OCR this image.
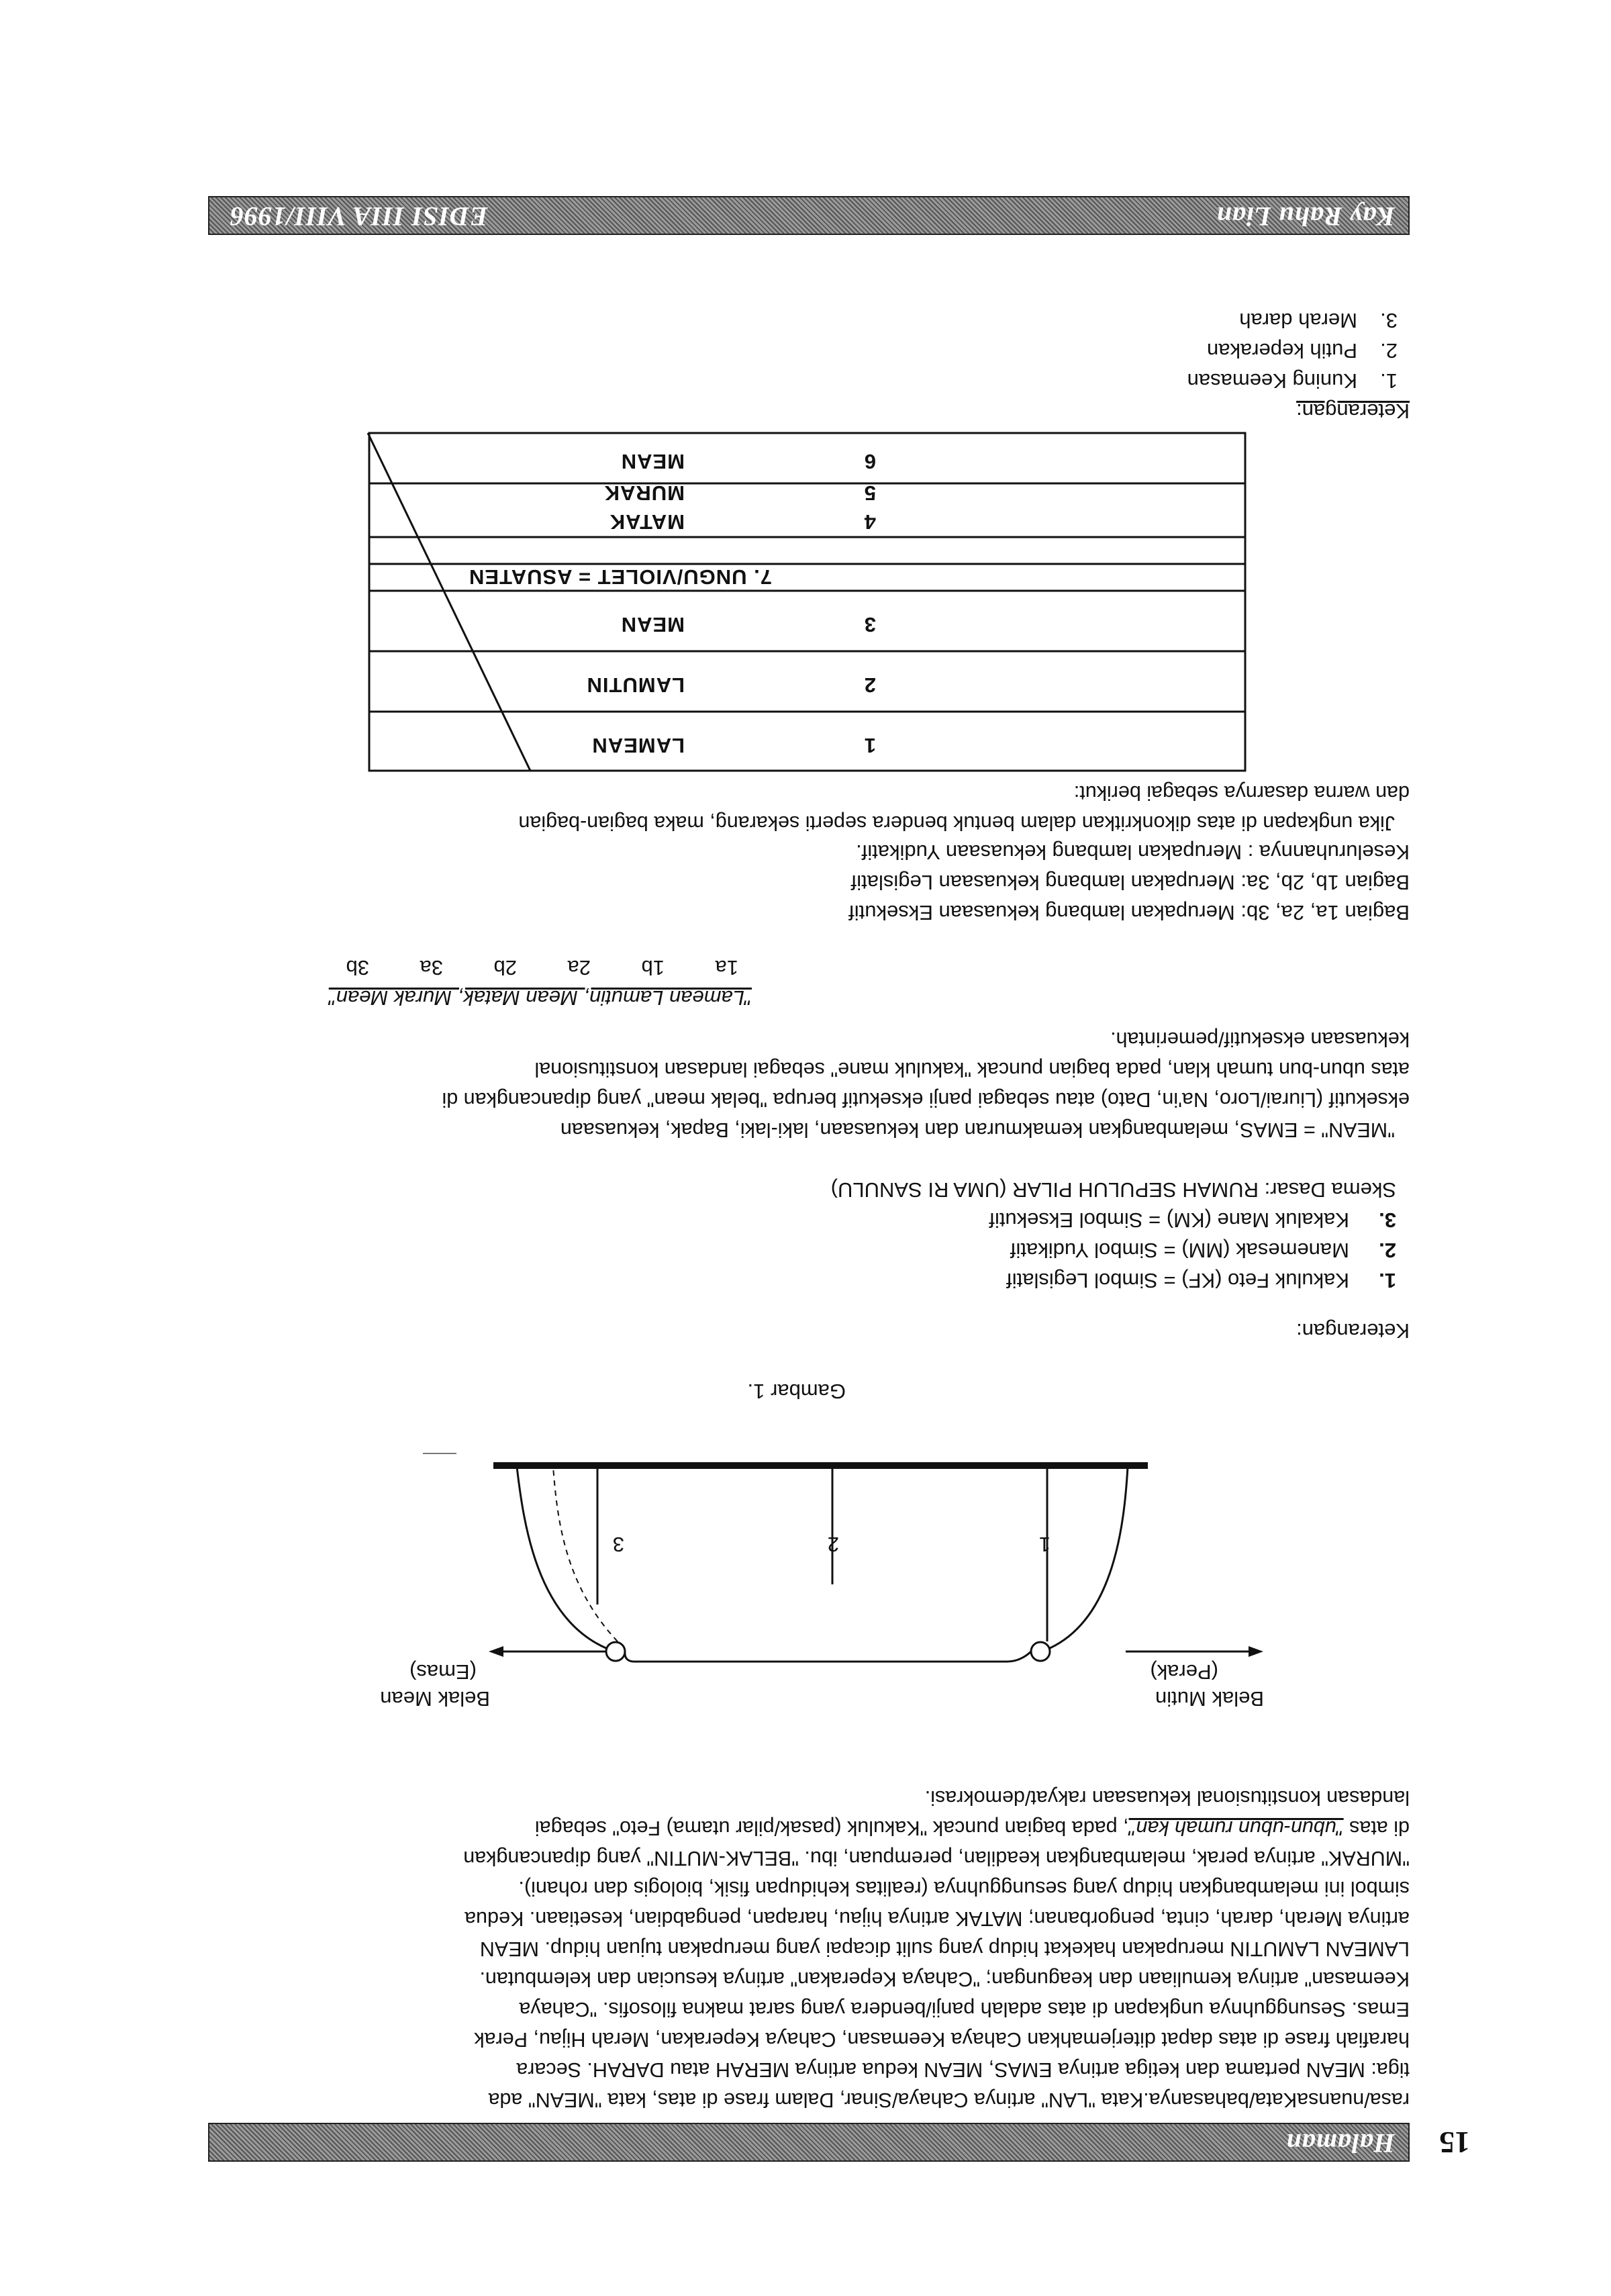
15
Halaman

rasa/nuansaKata/bahasanya.Kata "LAN" artinya Cahaya/Sinar, Dalam frase di atas, kata "MEAN" ada

tiga: MEAN pertama dan ketiga artinya EMAS, MEAN kedua artinya MERAH atau DARAH. Secara

harafiah frase di atas dapat diterjemahkan Cahaya Keemasan, Cahaya Keperakan, Merah Hijau, Perak

Emas. Sesungguhnya ungkapan di atas adalah panji/bendera yang sarat makna filosofis. "Cahaya

Keemasan" artinya kemuliaan dan keagungan; "Cahaya Keperakan" artinya kesucian dan kelembutan.

LAMEAN LAMUTIN merupakan hakekat hidup yang sulit dicapai yang merupakan tujuan hidup. MEAN

artinya Merah, darah, cinta, pengorbanan; MATAK artinya hijau, harapan, pengabdian, kesetiaan. Kedua

simbol ini melambangkan hidup yang sesungguhnya (realitas kehidupan fisik, biologis dan rohani).

"MURAK" artinya perak, melambangkan keadilan, perempuan, ibu. "BELAK-MUTIN" yang dipancangkan

di atas "ubun-ubun rumah kan", pada bagian puncak "Kakuluk (pasak/pilar utama) Feto" sebagai

landasan konstitusional kekuasaan rakyat/demokrasi.

Belak Mutin
(Perak)
Belak Mean
(Emas)
1
2
3
Gambar 1.
Keterangan:
1.
Kakuluk Feto (KF) = Simbol Legislatif
2.
Manemesak (MM) = Simbol Yudikatif
3.
Kakaluk Mane (KM) = Simbol Eksekutif
Skema Dasar: RUMAH SEPULUH PILAR (UMA RI SANULU)

"MEAN" = EMAS, melambangkan kemakmuran dan kekuasaan, laki-laki, Bapak, kekuasaan

eksekutif (Liurai/Loro, Na'in, Dato) atau sebagai panji eksekutif berupa "belak mean" yang dipancangkan di

atas ubun-bun tumah klan, pada bagian puncak "kakuluk mane" sebagai landasan konstitusional

kekuasaan eksekutif/pemerintah.

"Lamean Lamutin, Mean Matak, Murak Mean"
1a1b2a2b3a3b
Bagian 1a, 2a, 3b: Merupakan lambang kekuasaan Eksekutif
Bagian 1b, 2b, 3a: Merupakan lambang kekuasaan Legislatif
Keseluruhannya : Merupakan lambang kekuasaan Yudikatif.

Jika ungkapan di atas dikonkritkan dalam bentuk bendera seperti sekarang, maka bagian-bagian

dan warna dasarnya sebagai berikut:

LAMEAN	1
LAMUTIN	2
MEAN	3
7. UNGU/VIOLET = ASUATEN
MATAK	4
MURAK	5
MEAN	6
Keterangan:
1.
Kuning Keemasan
2.
Putih keperakan
3.
Merah darah
Kay Rahu Lian
EDISI IIIA VIII/1996
